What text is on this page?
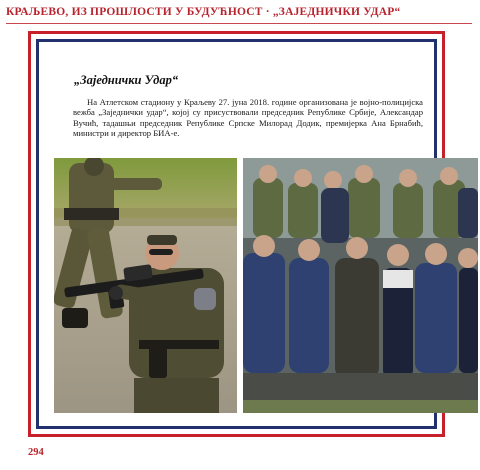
КРАЉЕВО, ИЗ ПРОШЛОСТИ У БУДУЋНОСТ · „ЗАЈЕДНИЧКИ УДАР“
„Заједнички Удар“
На Атлетском стадиону у Краљеву 27. јуна 2018. године организована је војно-полицијска вежба „Заједнички удар“, којој су присуствовали председник Републике Србије, Александар Вучић, тадашњи председник Републике Српске Милорад Додик, премијерка Ана Брнабић, министри и директор БИА-е.
294
